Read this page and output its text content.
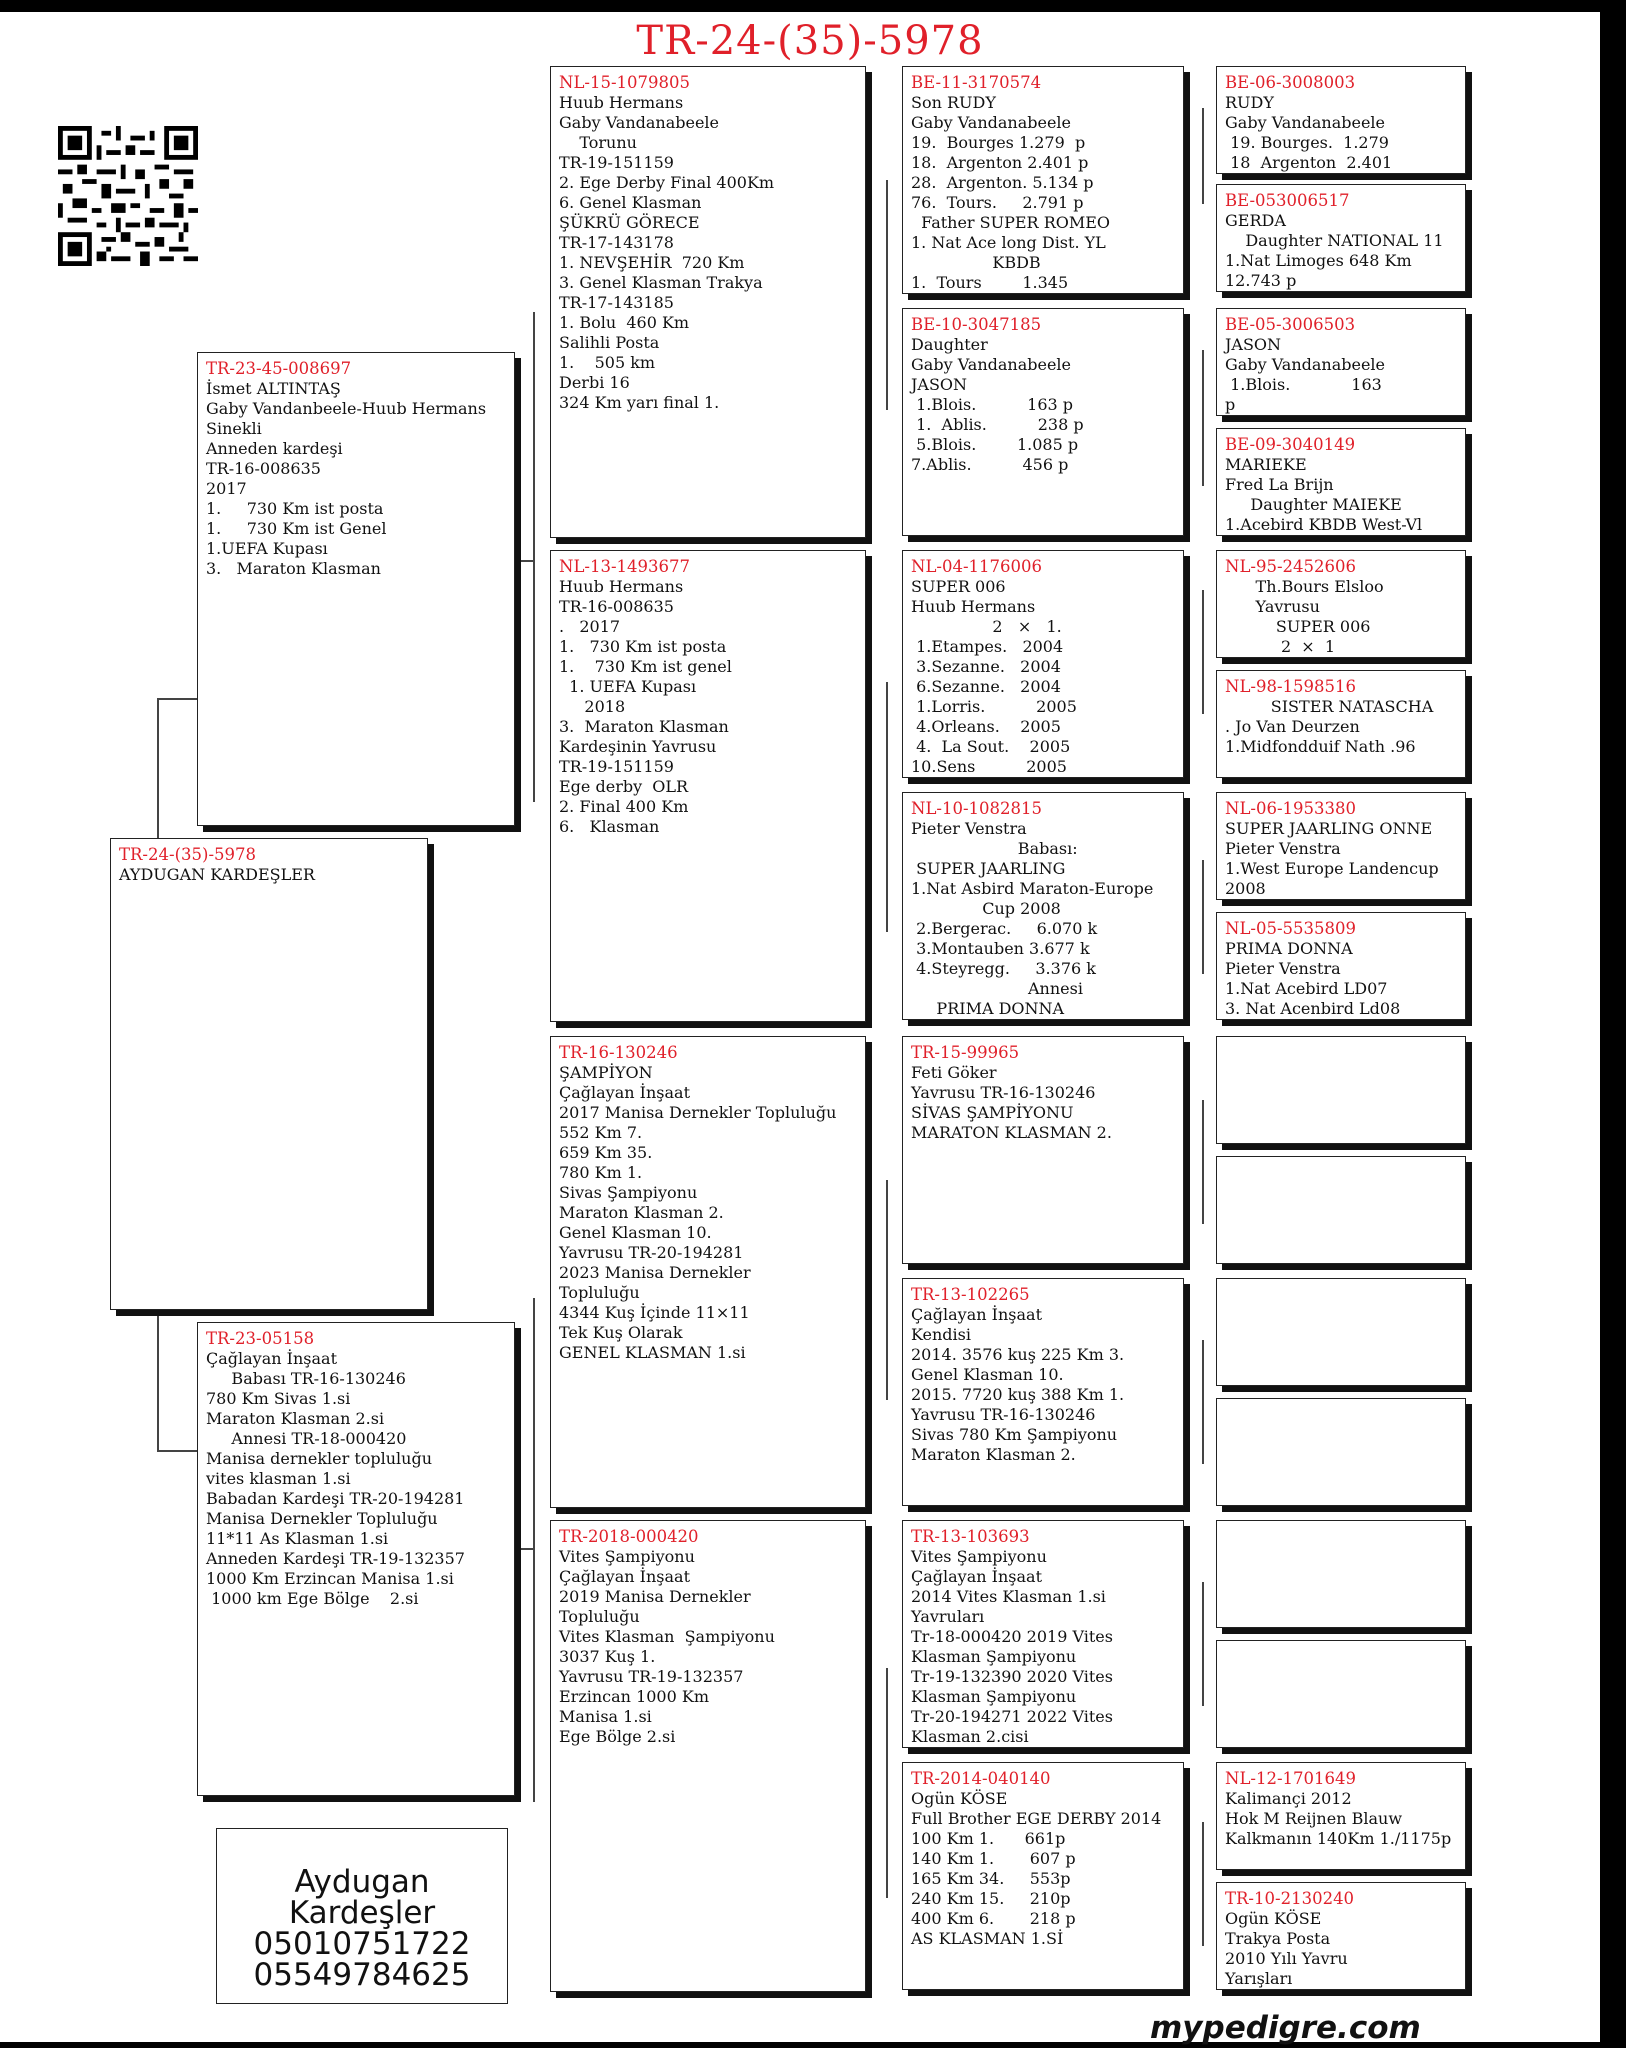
TR-24-(35)-5978
TR-24-(35)-5978
AYDUGAN KARDEŞLER
TR-23-45-008697
İsmet ALTINTAŞ
Gaby Vandanbeele-Huub Hermans
Sinekli
Anneden kardeşi
TR-16-008635
2017
1.     730 Km ist posta
1.     730 Km ist Genel
1.UEFA Kupası
3.   Maraton Klasman
TR-23-05158
Çağlayan İnşaat
Babası TR-16-130246
780 Km Sivas 1.si
Maraton Klasman 2.si
Annesi TR-18-000420
Manisa dernekler topluluğu
vites klasman 1.si
Babadan Kardeşi TR-20-194281
Manisa Dernekler Topluluğu
11*11 As Klasman 1.si
Anneden Kardeşi TR-19-132357
1000 Km Erzincan Manisa 1.si
1000 km Ege Bölge    2.si
NL-15-1079805
Huub Hermans
Gaby Vandanabeele
Torunu
TR-19-151159
2. Ege Derby Final 400Km
6. Genel Klasman
ŞÜKRÜ GÖRECE
TR-17-143178
1. NEVŞEHİR  720 Km
3. Genel Klasman Trakya
TR-17-143185
1. Bolu  460 Km
Salihli Posta
1.    505 km
Derbi 16
324 Km yarı final 1.
NL-13-1493677
Huub Hermans
TR-16-008635
.   2017
1.   730 Km ist posta
1.    730 Km ist genel
1. UEFA Kupası
2018
3.  Maraton Klasman
Kardeşinin Yavrusu
TR-19-151159
Ege derby  OLR
2. Final 400 Km
6.   Klasman
TR-16-130246
ŞAMPİYON
Çağlayan İnşaat
2017 Manisa Dernekler Topluluğu
552 Km 7.
659 Km 35.
780 Km 1.
Sivas Şampiyonu
Maraton Klasman 2.
Genel Klasman 10.
Yavrusu TR-20-194281
2023 Manisa Dernekler
Topluluğu
4344 Kuş İçinde 11×11
Tek Kuş Olarak
GENEL KLASMAN 1.si
TR-2018-000420
Vites Şampiyonu
Çağlayan İnşaat
2019 Manisa Dernekler
Topluluğu
Vites Klasman  Şampiyonu
3037 Kuş 1.
Yavrusu TR-19-132357
Erzincan 1000 Km
Manisa 1.si
Ege Bölge 2.si
BE-11-3170574
Son RUDY
Gaby Vandanabeele
19.  Bourges 1.279  p
18.  Argenton 2.401 p
28.  Argenton. 5.134 p
76.  Tours.     2.791 p
Father SUPER ROMEO
1. Nat Ace long Dist. YL
KBDB
1.  Tours        1.345
BE-10-3047185
Daughter
Gaby Vandanabeele
JASON
1.Blois.          163 p
1.  Ablis.          238 p
5.Blois.        1.085 p
7.Ablis.          456 p
NL-04-1176006
SUPER 006
Huub Hermans
2   ×   1.
1.Etampes.   2004
3.Sezanne.   2004
6.Sezanne.   2004
1.Lorris.          2005
4.Orleans.    2005
4.  La Sout.    2005
10.Sens          2005
NL-10-1082815
Pieter Venstra
Babası:
SUPER JAARLING
1.Nat Asbird Maraton-Europe
Cup 2008
2.Bergerac.     6.070 k
3.Montauben 3.677 k
4.Steyregg.     3.376 k
Annesi
PRIMA DONNA
TR-15-99965
Feti Göker
Yavrusu TR-16-130246
SİVAS ŞAMPİYONU
MARATON KLASMAN 2.
TR-13-102265
Çağlayan İnşaat
Kendisi
2014. 3576 kuş 225 Km 3.
Genel Klasman 10.
2015. 7720 kuş 388 Km 1.
Yavrusu TR-16-130246
Sivas 780 Km Şampiyonu
Maraton Klasman 2.
TR-13-103693
Vites Şampiyonu
Çağlayan İnşaat
2014 Vites Klasman 1.si
Yavruları
Tr-18-000420 2019 Vites
Klasman Şampiyonu
Tr-19-132390 2020 Vites
Klasman Şampiyonu
Tr-20-194271 2022 Vites
Klasman 2.cisi
TR-2014-040140
Ogün KÖSE
Full Brother EGE DERBY 2014
100 Km 1.      661p
140 Km 1.       607 p
165 Km 34.     553p
240 Km 15.     210p
400 Km 6.       218 p
AS KLASMAN 1.Sİ
BE-06-3008003
RUDY
Gaby Vandanabeele
19. Bourges.  1.279
18  Argenton  2.401
BE-053006517
GERDA
Daughter NATIONAL 11
1.Nat Limoges 648 Km
12.743 p
BE-05-3006503
JASON
Gaby Vandanabeele
1.Blois.            163
p
BE-09-3040149
MARIEKE
Fred La Brijn
Daughter MAIEKE
1.Acebird KBDB West-Vl
NL-95-2452606
Th.Bours Elsloo
Yavrusu
SUPER 006
2  ×  1
NL-98-1598516
SISTER NATASCHA
. Jo Van Deurzen
1.Midfondduif Nath .96
NL-06-1953380
SUPER JAARLING ONNE
Pieter Venstra
1.West Europe Landencup
2008
NL-05-5535809
PRIMA DONNA
Pieter Venstra
1.Nat Acebird LD07
3. Nat Acenbird Ld08
NL-12-1701649
Kalimançi 2012
Hok M Reijnen Blauw
Kalkmanın 140Km 1./1175p
TR-10-2130240
Ogün KÖSE
Trakya Posta
2010 Yılı Yavru
Yarışları
Aydugan Kardeşler
05010751722
05549784625
mypedigre.com
